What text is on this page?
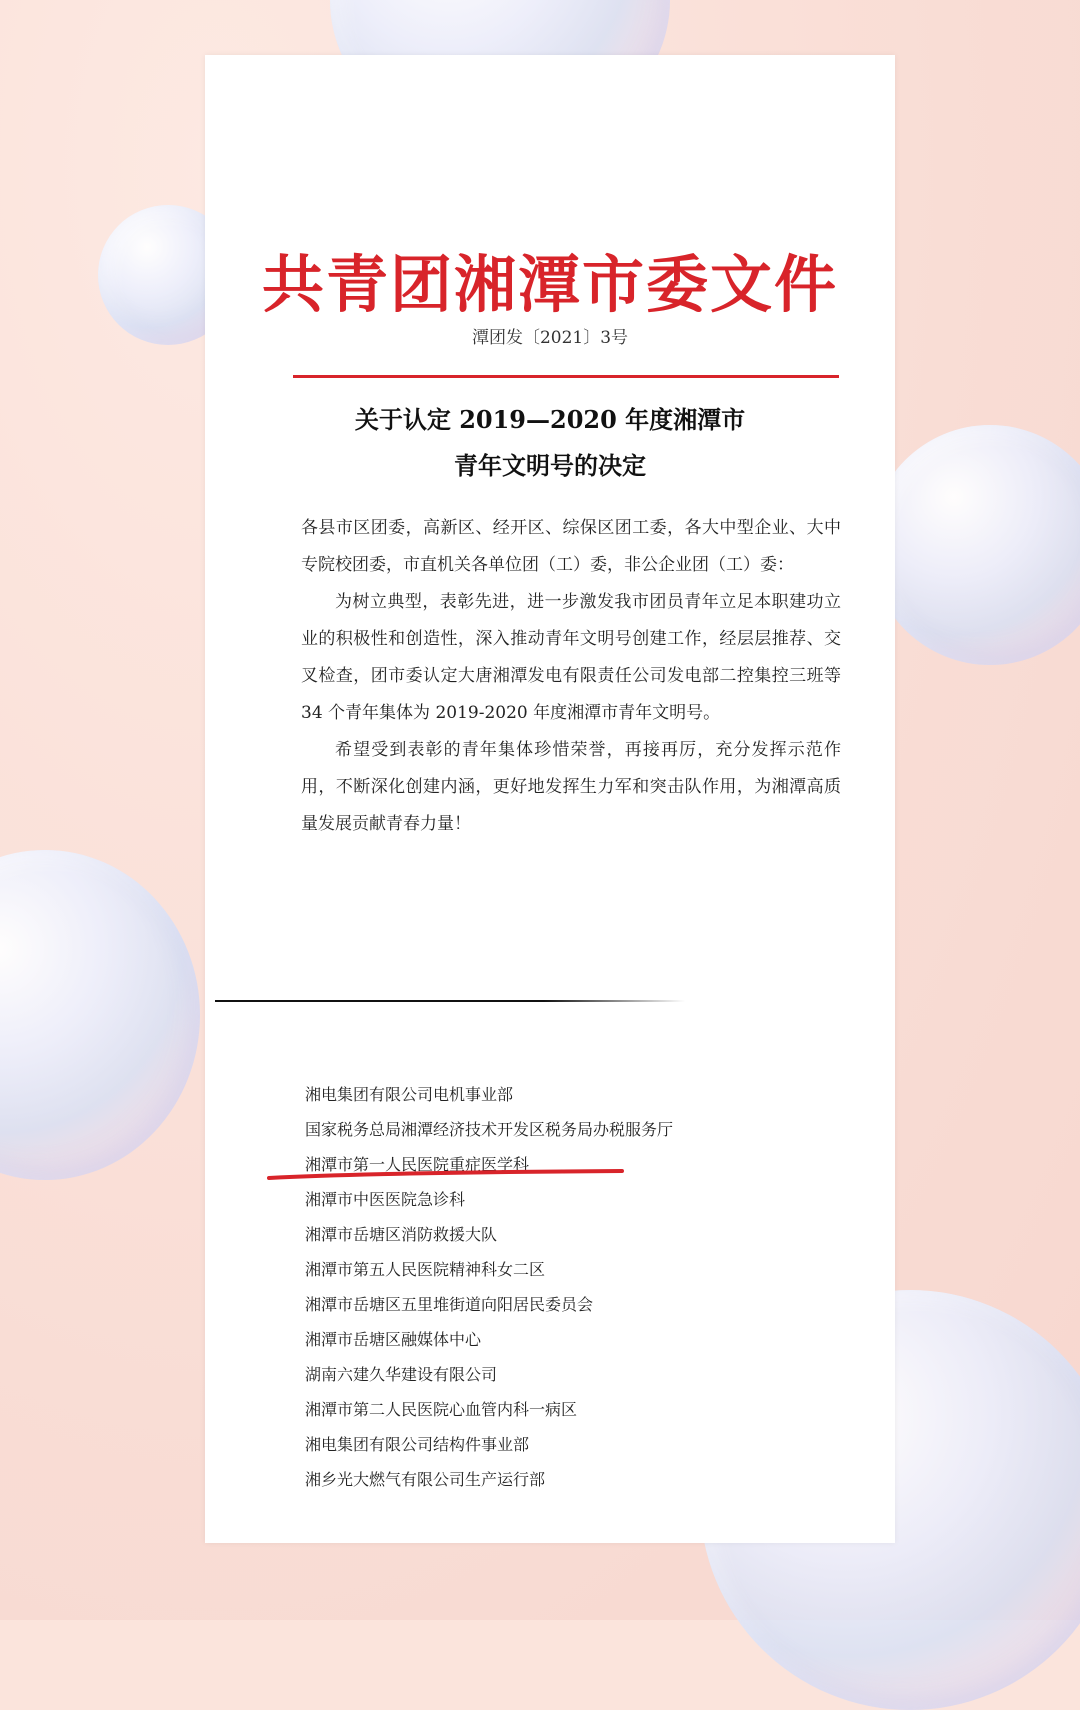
共青团湘潭市委文件
潭团发〔2021〕3号
关于认定 2019—2020 年度湘潭市
青年文明号的决定

各县市区团委，高新区、经开区、综保区团工委，各大中型企业、大中专院校团委，市直机关各单位团（工）委，非公企业团（工）委：

为树立典型，表彰先进，进一步激发我市团员青年立足本职建功立业的积极性和创造性，深入推动青年文明号创建工作，经层层推荐、交叉检查，团市委认定大唐湘潭发电有限责任公司发电部二控集控三班等 34 个青年集体为 2019-2020 年度湘潭市青年文明号。

希望受到表彰的青年集体珍惜荣誉，再接再厉，充分发挥示范作用，不断深化创建内涵，更好地发挥生力军和突击队作用，为湘潭高质量发展贡献青春力量！

湘电集团有限公司电机事业部
国家税务总局湘潭经济技术开发区税务局办税服务厅
湘潭市第一人民医院重症医学科
湘潭市中医医院急诊科
湘潭市岳塘区消防救援大队
湘潭市第五人民医院精神科女二区
湘潭市岳塘区五里堆街道向阳居民委员会
湘潭市岳塘区融媒体中心
湖南六建久华建设有限公司
湘潭市第二人民医院心血管内科一病区
湘电集团有限公司结构件事业部
湘乡光大燃气有限公司生产运行部
